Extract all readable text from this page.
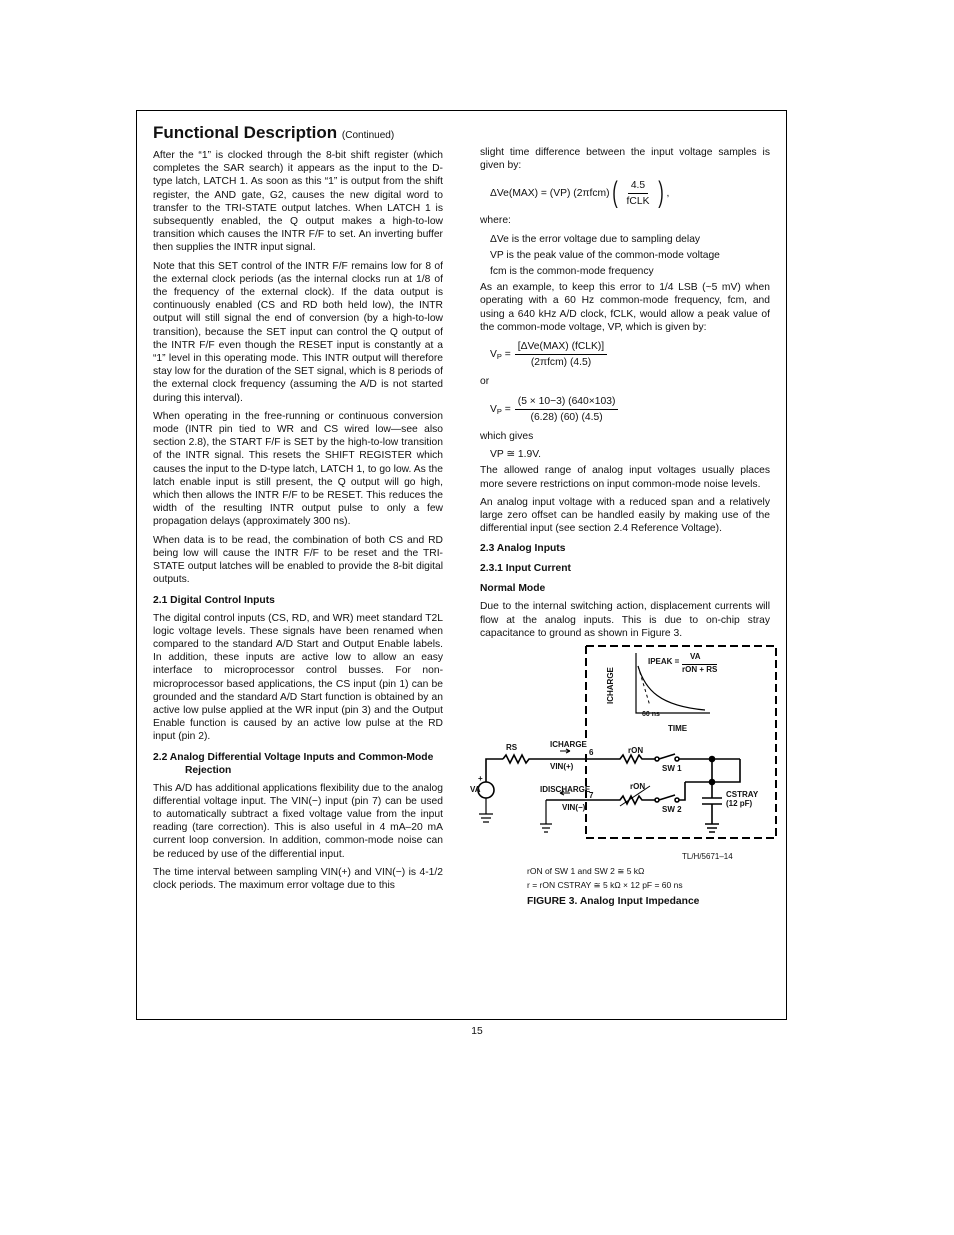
Functional Description (Continued)

After the “1” is clocked through the 8-bit shift register (which completes the SAR search) it appears as the input to the D-type latch, LATCH 1. As soon as this “1” is output from the shift register, the AND gate, G2, causes the new digital word to transfer to the TRI-STATE output latches. When LATCH 1 is subsequently enabled, the Q output makes a high-to-low transition which causes the INTR F/F to set. An inverting buffer then supplies the INTR input signal.

Note that this SET control of the INTR F/F remains low for 8 of the external clock periods (as the internal clocks run at 1/8 of the frequency of the external clock). If the data output is continuously enabled (CS and RD both held low), the INTR output will still signal the end of conversion (by a high-to-low transition), because the SET input can control the Q output of the INTR F/F even though the RESET input is constantly at a “1” level in this operating mode. This INTR output will therefore stay low for the duration of the SET signal, which is 8 periods of the external clock frequency (assuming the A/D is not started during this interval).

When operating in the free-running or continuous conversion mode (INTR pin tied to WR and CS wired low—see also section 2.8), the START F/F is SET by the high-to-low transition of the INTR signal. This resets the SHIFT REGISTER which causes the input to the D-type latch, LATCH 1, to go low. As the latch enable input is still present, the Q output will go high, which then allows the INTR F/F to be RESET. This reduces the width of the resulting INTR output pulse to only a few propagation delays (approximately 300 ns).

When data is to be read, the combination of both CS and RD being low will cause the INTR F/F to be reset and the TRI-STATE output latches will be enabled to provide the 8-bit digital outputs.

2.1 Digital Control Inputs

The digital control inputs (CS, RD, and WR) meet standard T2L logic voltage levels. These signals have been renamed when compared to the standard A/D Start and Output Enable labels. In addition, these inputs are active low to allow an easy interface to microprocessor control busses. For non-microprocessor based applications, the CS input (pin 1) can be grounded and the standard A/D Start function is obtained by an active low pulse applied at the WR input (pin 3) and the Output Enable function is caused by an active low pulse at the RD input (pin 2).

2.2 Analog Differential Voltage Inputs and Common-Mode Rejection

This A/D has additional applications flexibility due to the analog differential voltage input. The VIN(−) input (pin 7) can be used to automatically subtract a fixed voltage value from the input reading (tare correction). This is also useful in 4 mA–20 mA current loop conversion. In addition, common-mode noise can be reduced by use of the differential input.

The time interval between sampling VIN(+) and VIN(−) is 4-1/2 clock periods. The maximum error voltage due to this

slight time difference between the input voltage samples is given by:

ΔVe(MAX) = (VP) (2πfcm) ( $\frac{4.5}{\text{fCLK}}$ ) ,

where:

ΔVe is the error voltage due to sampling delay
VP is the peak value of the common-mode voltage
fcm is the common-mode frequency

As an example, to keep this error to 1/4 LSB (~5 mV) when operating with a 60 Hz common-mode frequency, fcm, and using a 640 kHz A/D clock, fCLK, would allow a peak value of the common-mode voltage, VP, which is given by:

$V_P = \frac{\text{[ΔVe(MAX) (fCLK)]}}{\text{(2πfcm) (4.5)}}$

or

$V_P = \frac{(5 \times 10-3) (640\times 103)}{(6.28) (60) (4.5)}$

which gives

VP ≅ 1.9V.

The allowed range of analog input voltages usually places more severe restrictions on input common-mode noise levels.

An analog input voltage with a reduced span and a relatively large zero offset can be handled easily by making use of the differential input (see section 2.4 Reference Voltage).

2.3 Analog Inputs
2.3.1 Input Current
Normal Mode

Due to the internal switching action, displacement currents will flow at the analog inputs. This is due to on-chip stray capacitance to ground as shown in Figure 3.

IPEAK =
VA
rON + RS
ICHARGE
60 ns
TIME
RS	ICHARGE
6	rON
VIN(+)	SW 1
VA
+
IDISCHARGE
7
rON
VIN(−)	SW 2
CSTRAY
(12 pF)
TL/H/5671–14
rON of SW 1 and SW 2 ≅ 5 kΩ
r = rON CSTRAY ≅ 5 kΩ × 12 pF = 60 ns
FIGURE 3. Analog Input Impedance
15
